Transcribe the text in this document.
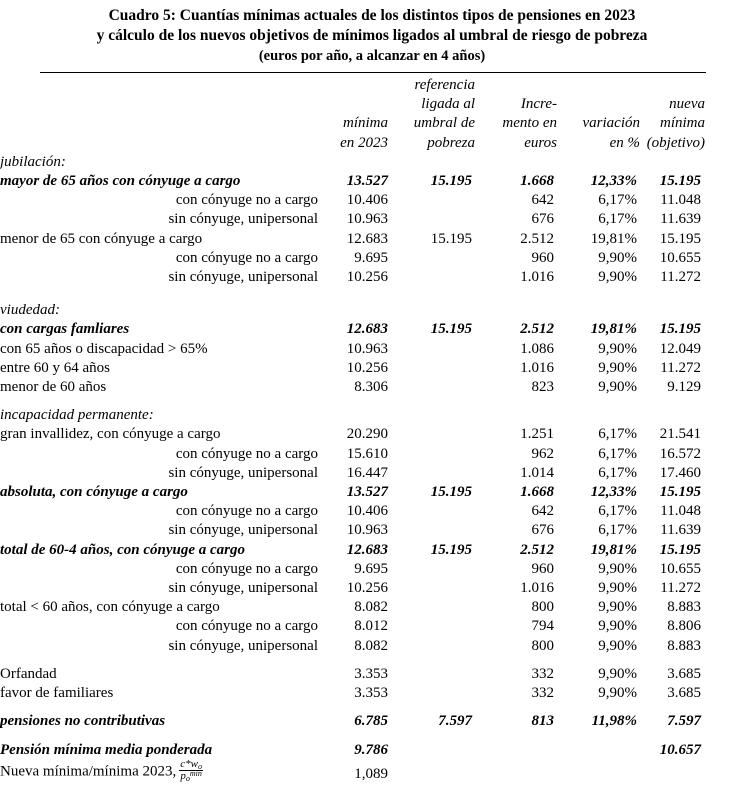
Cuadro 5: Cuantías mínimas actuales de los distintos tipos de pensiones en 2023
y cálculo de los nuevos objetivos de mínimos ligados al umbral de riesgo de pobreza
(euros por año, a alcanzar en 4 años)

	mínima
en 2023	referencia
ligada al
umbral de
pobreza	Incre-
mento en
euros	variación
en %	nueva
mínima
(objetivo)	

jubilación:						
mayor de 65 años con cónyuge a cargo	13.527	15.195	1.668	12,33%	15.195	

con cónyuge no a cargo	10.406		642	6,17%	11.048	

sin cónyuge, unipersonal	10.963		676	6,17%	11.639	
menor de 65 con cónyuge a cargo	12.683	15.195	2.512	19,81%	15.195	

con cónyuge no a cargo	9.695		960	9,90%	10.655	

sin cónyuge, unipersonal	10.256		1.016	9,90%	11.272	

viudedad:						
con cargas famliares	12.683	15.195	2.512	19,81%	15.195	
con 65 años o discapacidad > 65%	10.963		1.086	9,90%	12.049	
entre 60 y 64 años	10.256		1.016	9,90%	11.272	
menor de 60 años	8.306		823	9,90%	9.129	

incapacidad permanente:						
gran invallidez, con cónyuge a cargo	20.290		1.251	6,17%	21.541	

con cónyuge no a cargo	15.610		962	6,17%	16.572	

sin cónyuge, unipersonal	16.447		1.014	6,17%	17.460	
absoluta, con cónyuge a cargo	13.527	15.195	1.668	12,33%	15.195	

con cónyuge no a cargo	10.406		642	6,17%	11.048	

sin cónyuge, unipersonal	10.963		676	6,17%	11.639	
total de 60-4 años, con cónyuge a cargo	12.683	15.195	2.512	19,81%	15.195	

con cónyuge no a cargo	9.695		960	9,90%	10.655	

sin cónyuge, unipersonal	10.256		1.016	9,90%	11.272	
total < 60 años, con cónyuge a cargo	8.082		800	9,90%	8.883	

con cónyuge no a cargo	8.012		794	9,90%	8.806	

sin cónyuge, unipersonal	8.082		800	9,90%	8.883	

Orfandad	3.353		332	9,90%	3.685	
favor de familiares	3.353		332	9,90%	3.685	

pensiones no contributivas	6.785	7.597	813	11,98%	7.597	

Pensión mínima media ponderada	9.786				10.657	
Nueva mínima/mínima 2023, $\frac{c*w_o}{p_o^{min}}$	1,089					
